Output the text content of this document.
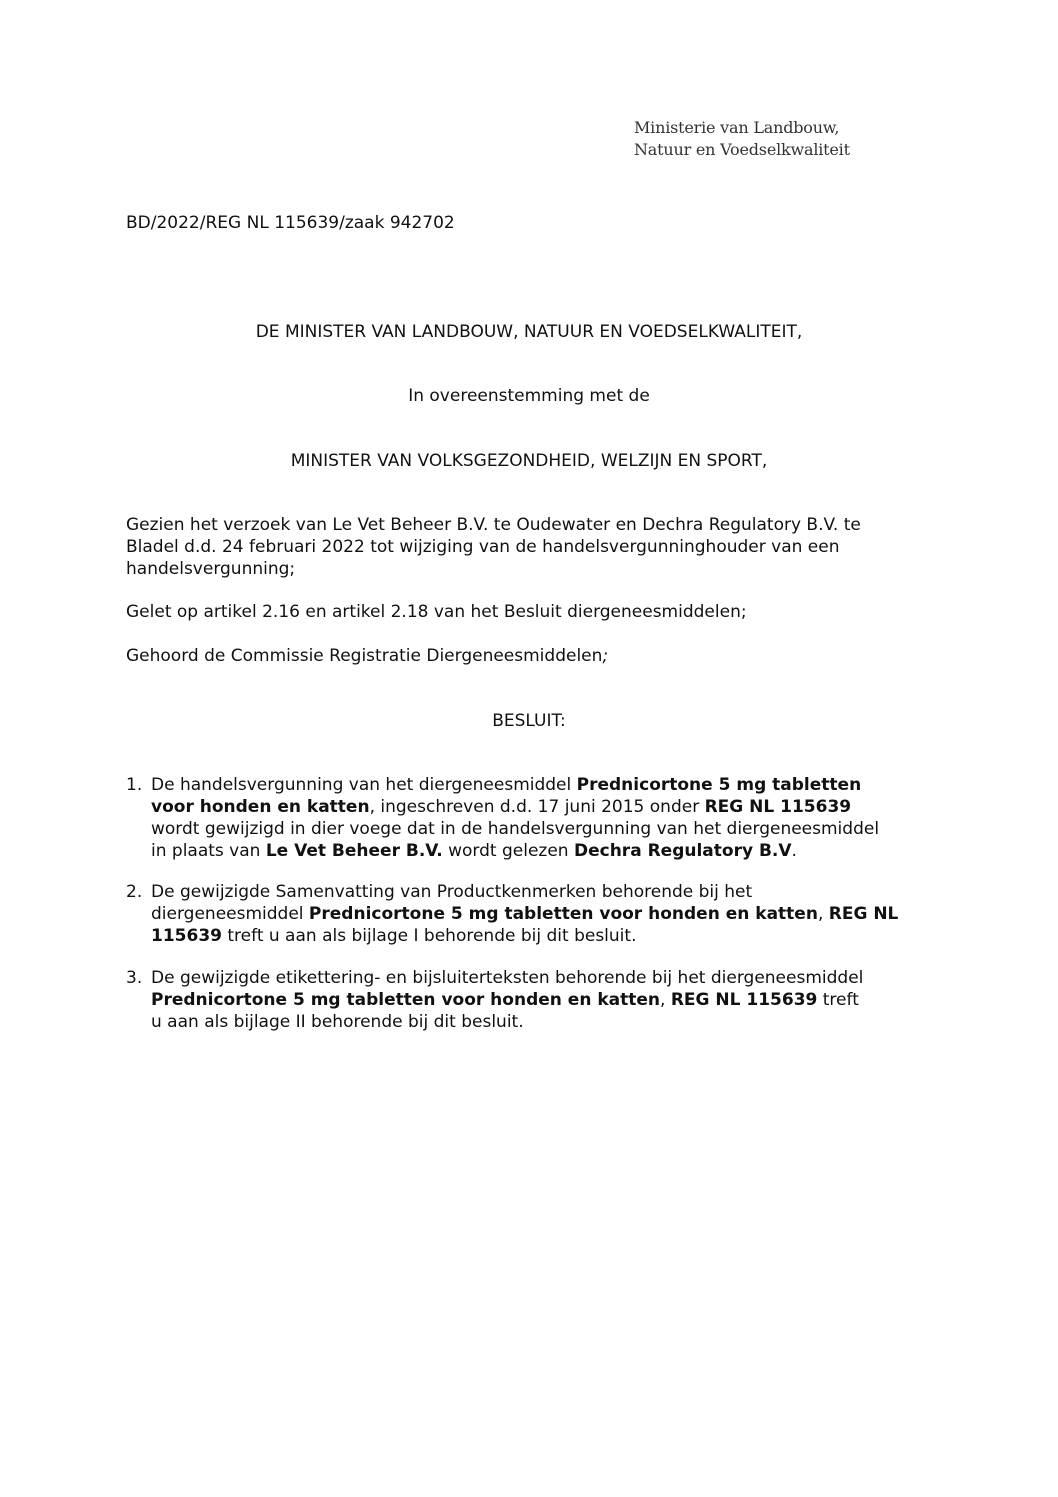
Ministerie van Landbouw,
Natuur en Voedselkwaliteit
BD/2022/REG NL 115639/zaak 942702
DE MINISTER VAN LANDBOUW, NATUUR EN VOEDSELKWALITEIT,
In overeenstemming met de
MINISTER VAN VOLKSGEZONDHEID, WELZIJN EN SPORT,
Gezien het verzoek van Le Vet Beheer B.V. te Oudewater en Dechra Regulatory B.V. te
Bladel d.d. 24 februari 2022 tot wijziging van de handelsvergunninghouder van een
handelsvergunning;
Gelet op artikel 2.16 en artikel 2.18 van het Besluit diergeneesmiddelen;
Gehoord de Commissie Registratie Diergeneesmiddelen;
BESLUIT:
1. De handelsvergunning van het diergeneesmiddel Prednicortone 5 mg tabletten
voor honden en katten, ingeschreven d.d. 17 juni 2015 onder REG NL 115639
wordt gewijzigd in dier voege dat in de handelsvergunning van het diergeneesmiddel
in plaats van Le Vet Beheer B.V. wordt gelezen Dechra Regulatory B.V.
2. De gewijzigde Samenvatting van Productkenmerken behorende bij het
diergeneesmiddel Prednicortone 5 mg tabletten voor honden en katten, REG NL
115639 treft u aan als bijlage I behorende bij dit besluit.
3. De gewijzigde etikettering- en bijsluiterteksten behorende bij het diergeneesmiddel
Prednicortone 5 mg tabletten voor honden en katten, REG NL 115639 treft
u aan als bijlage II behorende bij dit besluit.
